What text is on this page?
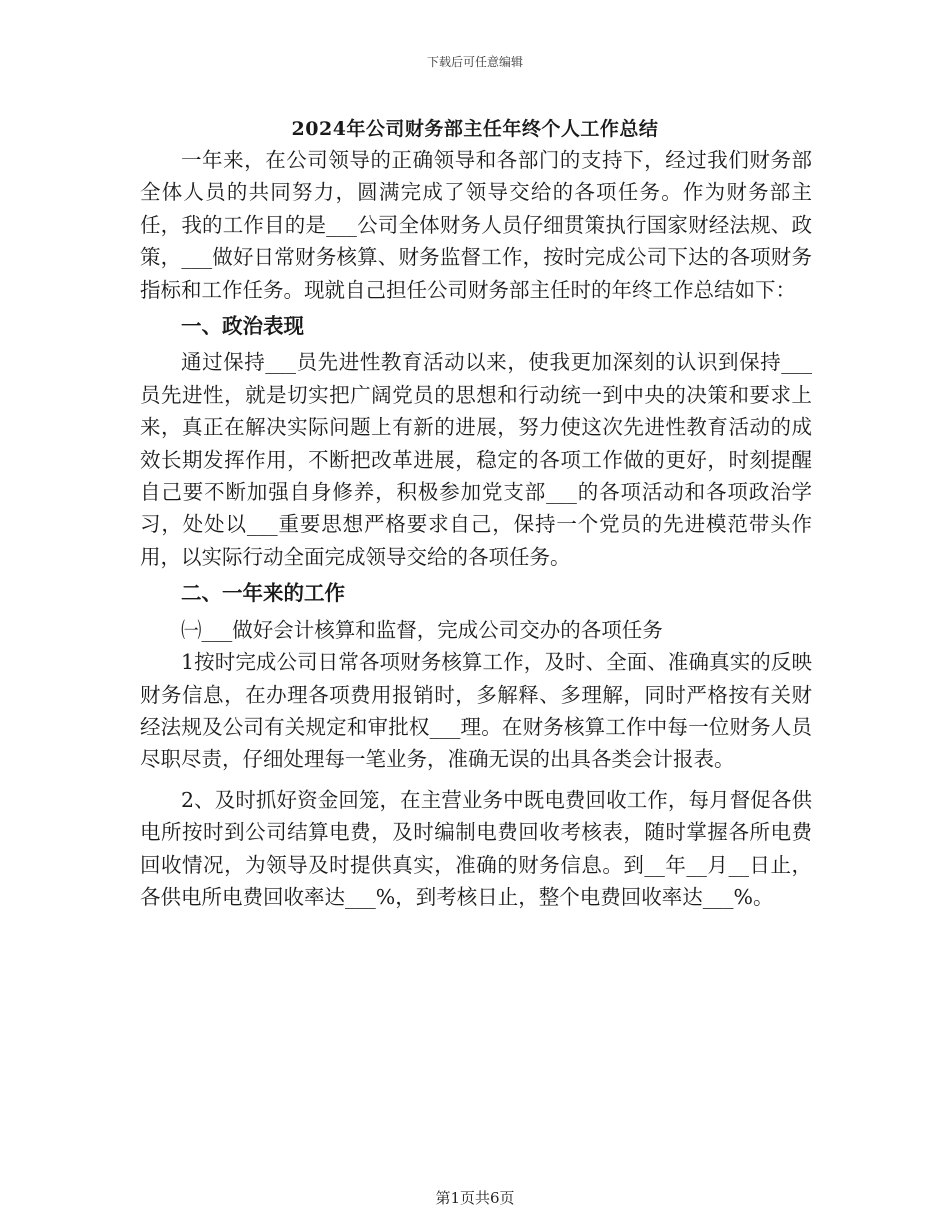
下载后可任意编辑
2024年公司财务部主任年终个人工作总结

一年来，在公司领导的正确领导和各部门的支持下，经过我们财务部全体人员的共同努力，圆满完成了领导交给的各项任务。作为财务部主任，我的工作目的是___公司全体财务人员仔细贯策执行国家财经法规、政策，___做好日常财务核算、财务监督工作，按时完成公司下达的各项财务指标和工作任务。现就自己担任公司财务部主任时的年终工作总结如下：

一、政治表现

通过保持___员先进性教育活动以来，使我更加深刻的认识到保持___员先进性，就是切实把广阔党员的思想和行动统一到中央的决策和要求上来，真正在解决实际问题上有新的进展，努力使这次先进性教育活动的成效长期发挥作用，不断把改革进展，稳定的各项工作做的更好，时刻提醒自己要不断加强自身修养，积极参加党支部___的各项活动和各项政治学习，处处以___重要思想严格要求自己，保持一个党员的先进模范带头作用，以实际行动全面完成领导交给的各项任务。

二、一年来的工作

㈠___做好会计核算和监督，完成公司交办的各项任务

1按时完成公司日常各项财务核算工作，及时、全面、准确真实的反映财务信息，在办理各项费用报销时，多解释、多理解，同时严格按有关财经法规及公司有关规定和审批权___理。在财务核算工作中每一位财务人员尽职尽责，仔细处理每一笔业务，准确无误的出具各类会计报表。

2、及时抓好资金回笼，在主营业务中既电费回收工作，每月督促各供电所按时到公司结算电费，及时编制电费回收考核表，随时掌握各所电费回收情况，为领导及时提供真实，准确的财务信息。到__年__月__日止，各供电所电费回收率达___%，到考核日止，整个电费回收率达___%。

第1页共6页
